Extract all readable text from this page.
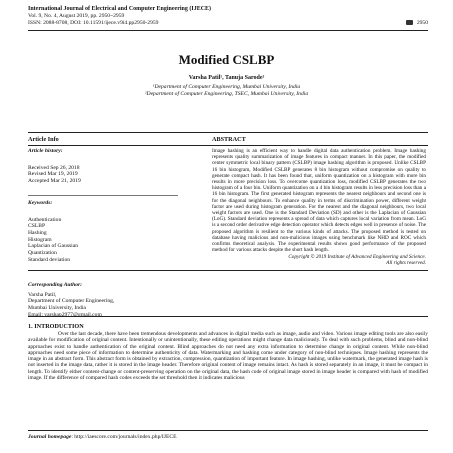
International Journal of Electrical and Computer Engineering (IJECE)
Vol. 9, No. 4, August 2019, pp. 2950~2959
ISSN: 2088-8708, DOI: 10.11591/ijece.v9i4.pp2950-2959	2950
Modified CSLBP
Varsha Patil¹, Tanuja Sarode²
¹Department of Computer Engineering, Mumbai University, India
²Department of Computer Engineering, TSEC, Mumbai University, India
Article Info	ABSTRACT
Article history:
Received Sep 26, 2018
Revised Mar 19, 2019
Accepted Mar 21, 2019
Keywords:
Authentication
CSLBP
Hashing
Histogram
Laplacian of Gaussian
Quantization
Standard deviation
Image hashing is an efficient way to handle digital data authentication problem. Image hashing represents quality summarization of image features in compact manner. In this paper, the modified center symmetric local binary pattern (CSLBP) image hashing algorithm is proposed. Unlike CSLBP 16 bin histogram, Modified CSLBP generates 8 bin histogram without compromise on quality to generate compact hash. It has been found that, uniform quantization on a histogram with more bin results in more precision loss. To overcome quantization loss, modified CSLBP generates the two histogram of a four bin. Uniform quantization on a 4 bin histogram results in less precision loss than a 16 bin histogram. The first generated histogram represents the nearest neighbours and second one is for the diagonal neighbours. To enhance quality in terms of discrimination power, different weight factor are used during histogram generation. For the nearest and the diagonal neighbours, two local weight factors are used. One is the Standard Deviation (SD) and other is the Laplacian of Gaussian (LoG). Standard deviation represents a spread of data which captures local variation from mean. LoG is a second order derivative edge detection operator which detects edges well in presence of noise. The proposed algorithm is resilient to the various kinds of attacks. The proposed method is tested on database having malicious and non-malicious images using benchmark like NHD and ROC which confirms theoretical analysis. The experimental results shows good performance of the proposed method for various attacks despite the short hash length.
Copyright © 2019 Institute of Advanced Engineering and Science.
All rights reserved.
Corresponding Author:
Varsha Patil,
Department of Computer Engineering,
Mumbai University, India
Email: varshap2977@gmail.com
1. INTRODUCTION
Over the last decade, there have been tremendous developments and advances in digital media such as image, audio and video. Various image editing tools are also easily available for modification of original content. Intentionally or unintentionally, these editing operations might change data maliciously. To deal with such problems, blind and non-blind approaches exist to handle authentication of the original content. Blind approaches do not need any extra information to determine change in original content. While non-blind approaches need some piece of information to determine authenticity of data. Watermarking and hashing come under category of non-blind techniques. Image hashing represents the image in an abstract form. This abstract form is obtained by extraction, compression, quantization of important feature. In image hashing, unlike watermark, the generated image hash is not inserted in the image data, rather it is stored in the image header. Therefore original content of image remains intact. As hash is stored separately in an image, it must be compact in length. To identify either content-change or content-preserving operation on the original data, the hash code of original image stored in image header is compared with hash of modified image. If the difference of compared hash codes exceeds the set threshold then it indicates malicious
Journal homepage: http://iaescore.com/journals/index.php/IJECE
